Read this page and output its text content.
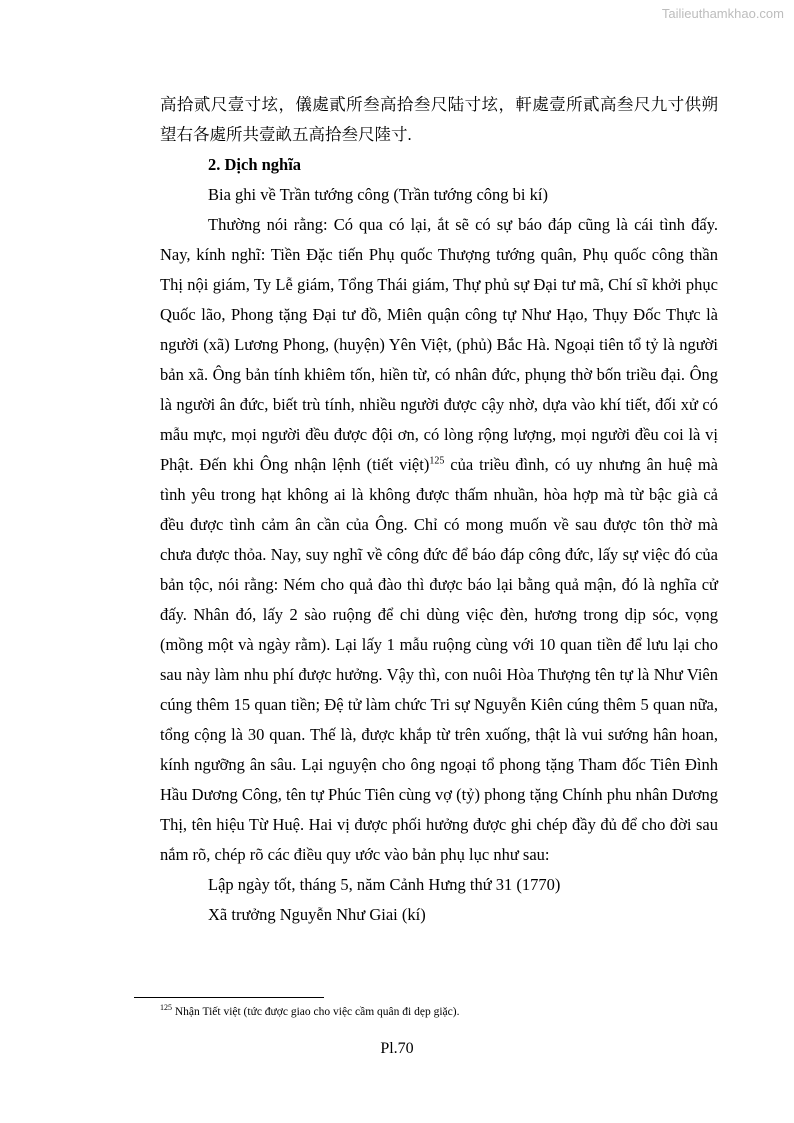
Tailieuthamkhao.com

高拾贰尺壹寸𡊨，儀處貳所叁高拾叁尺陆寸𡊨，軒處壹所貳高叁尺九寸供朔望右各處所共壹畝五高拾叁尺陸寸.

2. Dịch nghĩa

Bia ghi về Trần tướng công (Trần tướng công bi kí)

Thường nói rằng: Có qua có lại, ắt sẽ có sự báo đáp cũng là cái tình đấy. Nay, kính nghĩ: Tiền Đặc tiến Phụ quốc Thượng tướng quân, Phụ quốc công thần Thị nội giám, Ty Lễ giám, Tổng Thái giám, Thự phủ sự Đại tư mã, Chí sĩ khởi phục Quốc lão, Phong tặng Đại tư đồ, Miên quận công tự Như Hạo, Thụy Đốc Thực là người (xã) Lương Phong, (huyện) Yên Việt, (phủ) Bắc Hà. Ngoại tiên tổ tỷ là người bản xã. Ông bản tính khiêm tốn, hiền từ, có nhân đức, phụng thờ bốn triều đại. Ông là người ân đức, biết trù tính, nhiều người được cậy nhờ, dựa vào khí tiết, đối xử có mẫu mực, mọi người đều được đội ơn, có lòng rộng lượng, mọi người đều coi là vị Phật. Đến khi Ông nhận lệnh (tiết việt)$^{125}$ của triều đình, có uy nhưng ân huệ mà tình yêu trong hạt không ai là không được thấm nhuần, hòa hợp mà từ bậc già cả đều được tình cảm ân cần của Ông. Chỉ có mong muốn về sau được tôn thờ mà chưa được thỏa. Nay, suy nghĩ về công đức để báo đáp công đức, lấy sự việc đó của bản tộc, nói rằng: Ném cho quả đào thì được báo lại bằng quả mận, đó là nghĩa cử đấy. Nhân đó, lấy 2 sào ruộng để chi dùng việc đèn, hương trong dịp sóc, vọng (mồng một và ngày rằm). Lại lấy 1 mẫu ruộng cùng với 10 quan tiền để lưu lại cho sau này làm nhu phí được hưởng. Vậy thì, con nuôi Hòa Thượng tên tự là Như Viên cúng thêm 15 quan tiền; Đệ tử làm chức Tri sự Nguyễn Kiên cúng thêm 5 quan nữa, tổng cộng là 30 quan. Thế là, được khắp từ trên xuống, thật là vui sướng hân hoan, kính ngưỡng ân sâu. Lại nguyện cho ông ngoại tổ phong tặng Tham đốc Tiên Đình Hầu Dương Công, tên tự Phúc Tiên cùng vợ (tỷ) phong tặng Chính phu nhân Dương Thị, tên hiệu Từ Huệ. Hai vị được phối hưởng được ghi chép đầy đủ để cho đời sau nắm rõ, chép rõ các điều quy ước vào bản phụ lục như sau:

Lập ngày tốt, tháng 5, năm Cảnh Hưng thứ 31 (1770)

Xã trưởng Nguyễn Như Giai (kí)

$^{125}$ Nhận Tiết việt (tức được giao cho việc cầm quân đi dẹp giặc).
Pl.70
